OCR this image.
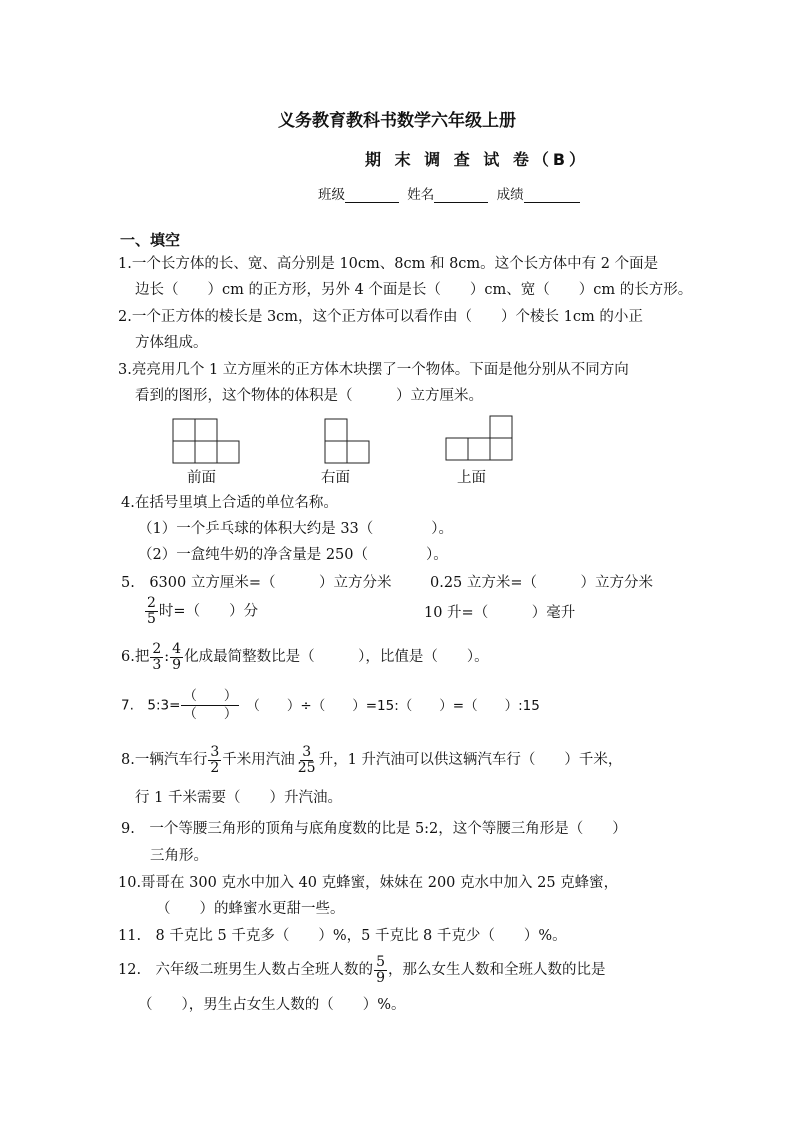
义务教育教科书数学六年级上册
期 末 调 查 试 卷（B）
班级	姓名	成绩
一、填空
1.一个长方体的长、宽、高分别是 10cm、8cm 和 8cm。这个长方体中有 2 个面是
边长（　　）cm 的正方形，另外 4 个面是长（　　）cm、宽（　　）cm 的长方形。
2.一个正方体的棱长是 3cm，这个正方体可以看作由（　　）个棱长 1cm 的小正
方体组成。
3.亮亮用几个 1 立方厘米的正方体木块摆了一个物体。下面是他分别从不同方向
看到的图形，这个物体的体积是（　　　）立方厘米。
前面	右面	上面
4.在括号里填上合适的单位名称。
（1）一个乒乓球的体积大约是 33（　　　　）。
（2）一盒纯牛奶的净含量是 250（　　　　）。
5.　6300 立方厘米=（　　　）立方分米	0.25 立方米=（　　　）立方分米
$\frac{2}{5}$ 时=（　　）分	10 升=（　　　）毫升
6.把 $\frac{2}{3}$ : $\frac{4}{9}$ 化成最简整数比是（　　　），比值是（　　）。
7.　5:3= $\frac{( )}{( )}$ （　　）÷（　　）=15:（　　）=（　　）:15
8.一辆汽车行 $\frac{3}{2}$ 千米用汽油 $\frac{3}{25}$ 升，1 升汽油可以供这辆汽车行（　　）千米，
行 1 千米需要（　　）升汽油。
9.　一个等腰三角形的顶角与底角度数的比是 5:2，这个等腰三角形是（　　）
三角形。
10.哥哥在 300 克水中加入 40 克蜂蜜，妹妹在 200 克水中加入 25 克蜂蜜，
（　　）的蜂蜜水更甜一些。
11.　8 千克比 5 千克多（　　）%，5 千克比 8 千克少（　　）%。
12.　六年级二班男生人数占全班人数的 $\frac{5}{9}$ ，那么女生人数和全班人数的比是
（　　），男生占女生人数的（　　）%。
